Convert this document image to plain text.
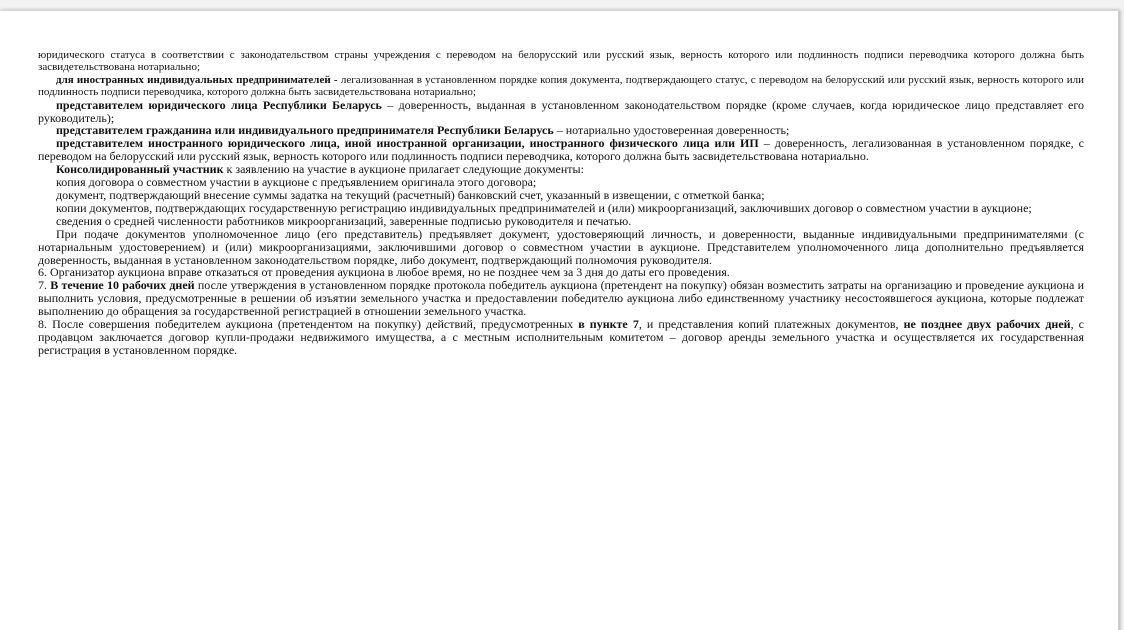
юридического статуса в соответствии с законодательством страны учреждения с переводом на белорусский или русский язык, верность которого или подлинность подписи переводчика которого должна быть засвидетельствована нотариально;

для иностранных индивидуальных предпринимателей - легализованная в установленном порядке копия документа, подтверждающего статус, с переводом на белорусский или русский язык, верность которого или подлинность подписи переводчика, которого должна быть засвидетельствована нотариально;

представителем юридического лица Республики Беларусь – доверенность, выданная в установленном законодательством порядке (кроме случаев, когда юридическое лицо представляет его руководитель);

представителем гражданина или индивидуального предпринимателя Республики Беларусь – нотариально удостоверенная доверенность;

представителем иностранного юридического лица, иной иностранной организации, иностранного физического лица или ИП – доверенность, легализованная в установленном порядке, с переводом на белорусский или русский язык, верность которого или подлинность подписи переводчика, которого должна быть засвидетельствована нотариально.

Консолидированный участник к заявлению на участие в аукционе прилагает следующие документы:

копия договора о совместном участии в аукционе с предъявлением оригинала этого договора;

документ, подтверждающий внесение суммы задатка на текущий (расчетный) банковский счет, указанный в извещении, с отметкой банка;

копии документов, подтверждающих государственную регистрацию индивидуальных предпринимателей и (или) микроорганизаций, заключивших договор о совместном участии в аукционе;

сведения о средней численности работников микроорганизаций, заверенные подписью руководителя и печатью.

При подаче документов уполномоченное лицо (его представитель) предъявляет документ, удостоверяющий личность, и доверенности, выданные индивидуальными предпринимателями (с нотариальным удостоверением) и (или) микроорганизациями, заключившими договор о совместном участии в аукционе. Представителем уполномоченного лица дополнительно предъявляется доверенность, выданная в установленном законодательством порядке, либо документ, подтверждающий полномочия руководителя.

6. Организатор аукциона вправе отказаться от проведения аукциона в любое время, но не позднее чем за 3 дня до даты его проведения.

7. В течение 10 рабочих дней после утверждения в установленном порядке протокола победитель аукциона (претендент на покупку) обязан возместить затраты на организацию и проведение аукциона и выполнить условия, предусмотренные в решении об изъятии земельного участка и предоставлении победителю аукциона либо единственному участнику несостоявшегося аукциона, которые подлежат выполнению до обращения за государственной регистрацией в отношении земельного участка.

8. После совершения победителем аукциона (претендентом на покупку) действий, предусмотренных в пункте 7, и представления копий платежных документов, не позднее двух рабочих дней, с продавцом заключается договор купли-продажи недвижимого имущества, а с местным исполнительным комитетом – договор аренды земельного участка и осуществляется их государственная регистрация в установленном порядке.
